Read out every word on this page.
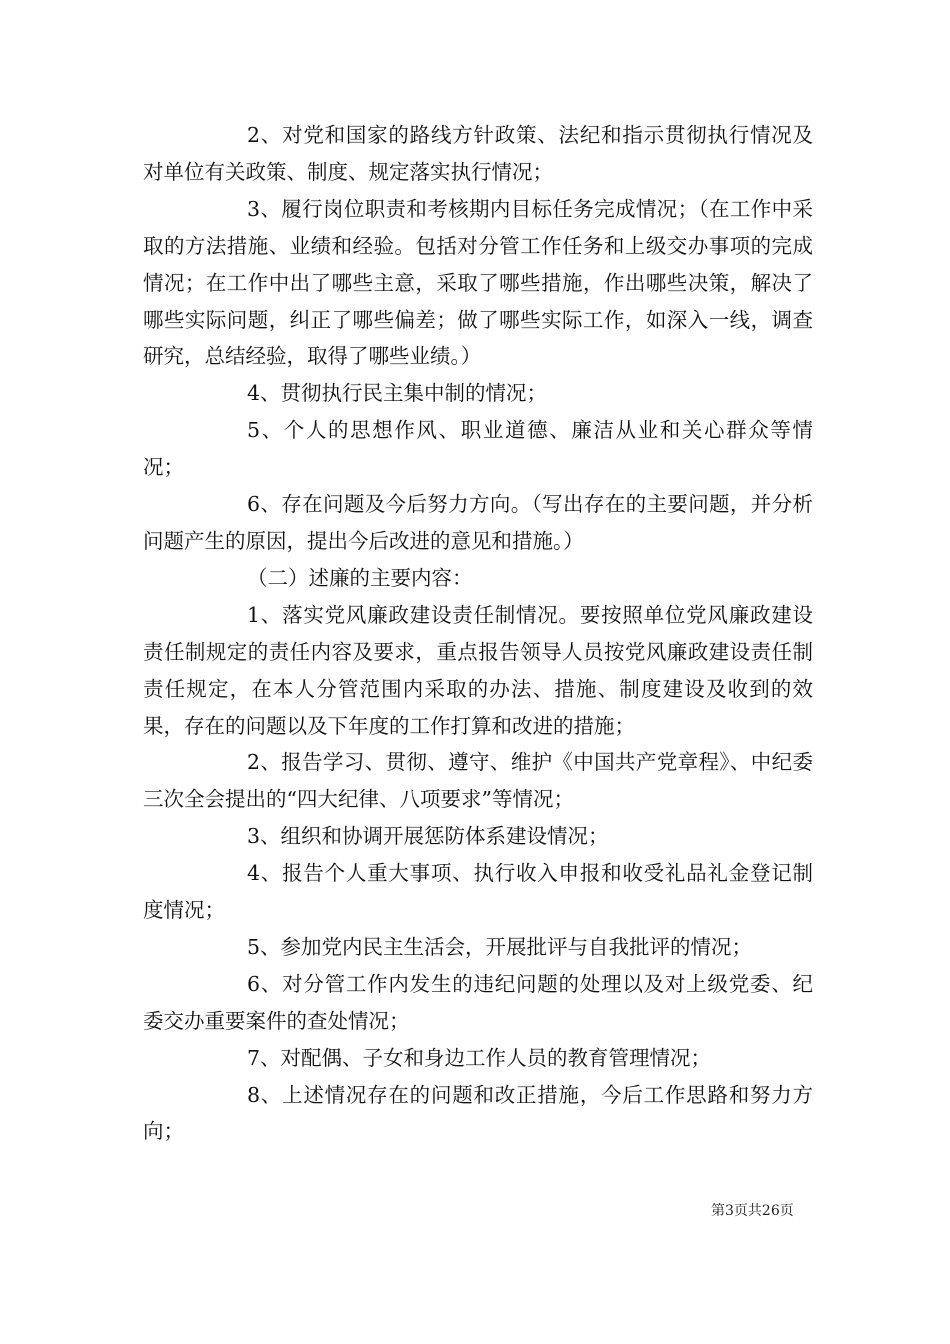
2、对党和国家的路线方针政策、法纪和指示贯彻执行情况及对单位有关政策、制度、规定落实执行情况；

3、履行岗位职责和考核期内目标任务完成情况；（在工作中采取的方法措施、业绩和经验。包括对分管工作任务和上级交办事项的完成情况；在工作中出了哪些主意，采取了哪些措施，作出哪些决策，解决了哪些实际问题，纠正了哪些偏差；做了哪些实际工作，如深入一线，调查研究，总结经验，取得了哪些业绩。）

4、贯彻执行民主集中制的情况；

5、个人的思想作风、职业道德、廉洁从业和关心群众等情况；

6、存在问题及今后努力方向。（写出存在的主要问题，并分析问题产生的原因，提出今后改进的意见和措施。）

（二）述廉的主要内容：

1、落实党风廉政建设责任制情况。要按照单位党风廉政建设责任制规定的责任内容及要求，重点报告领导人员按党风廉政建设责任制责任规定，在本人分管范围内采取的办法、措施、制度建设及收到的效果，存在的问题以及下年度的工作打算和改进的措施；

2、报告学习、贯彻、遵守、维护《中国共产党章程》、中纪委三次全会提出的“四大纪律、八项要求”等情况；

3、组织和协调开展惩防体系建设情况；

4、报告个人重大事项、执行收入申报和收受礼品礼金登记制度情况；

5、参加党内民主生活会，开展批评与自我批评的情况；

6、对分管工作内发生的违纪问题的处理以及对上级党委、纪委交办重要案件的查处情况；

7、对配偶、子女和身边工作人员的教育管理情况；

8、上述情况存在的问题和改正措施，今后工作思路和努力方向；

第3页共26页
